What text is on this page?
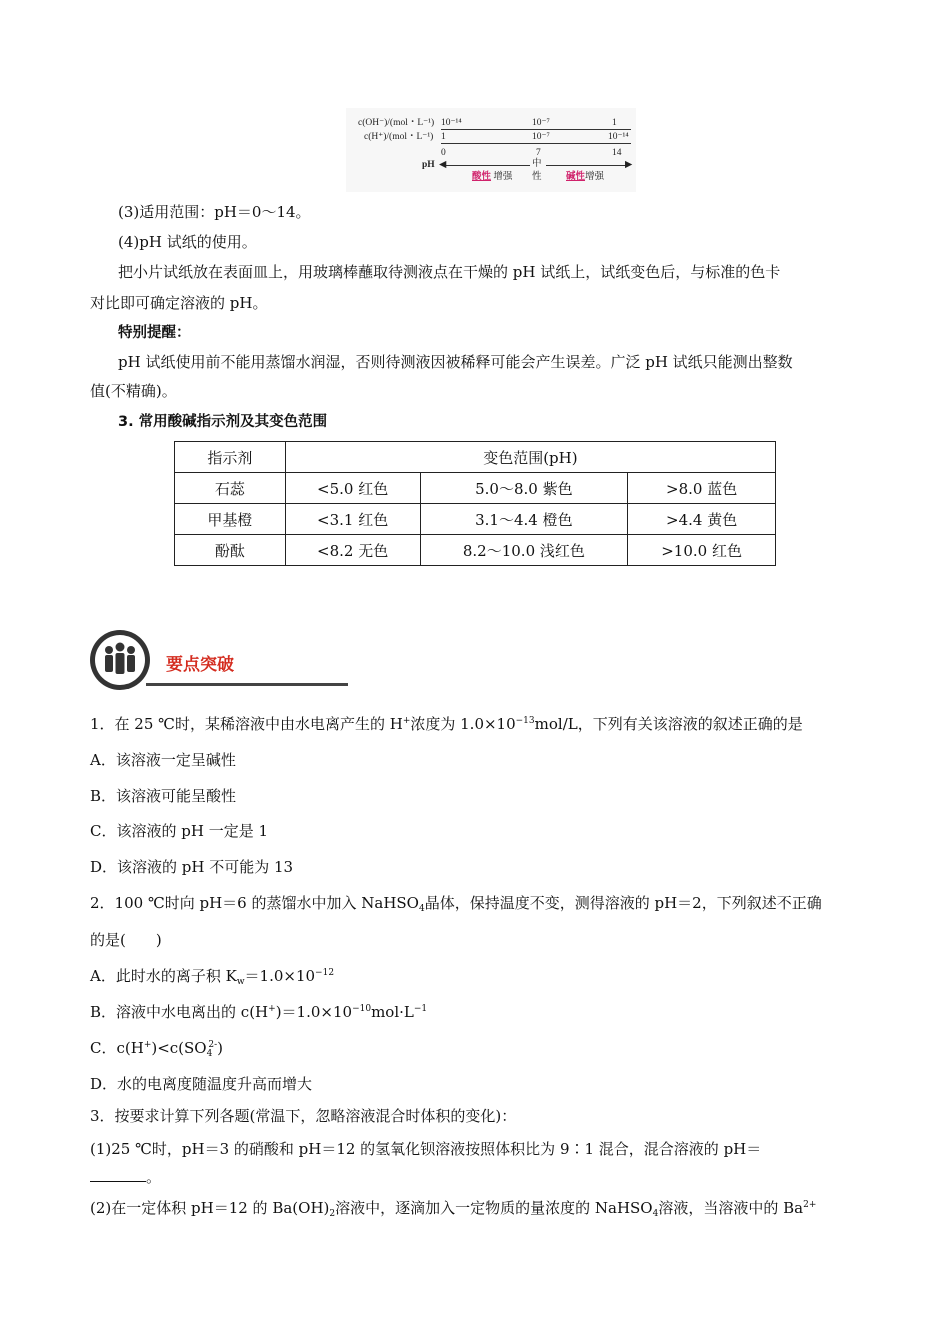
c(OH⁻)/(mol・L⁻¹) 10⁻¹⁴	10⁻⁷	1
c(H⁺)/(mol・L⁻¹) 1	10⁻⁷	10⁻¹⁴
0	7	14
pH ◀	▶
中
性
酸性 增强	碱性增强
(3)适用范围：pH＝0～14。
(4)pH 试纸的使用。
把小片试纸放在表面皿上，用玻璃棒蘸取待测液点在干燥的 pH 试纸上，试纸变色后，与标准的色卡
对比即可确定溶液的 pH。
特别提醒：
pH 试纸使用前不能用蒸馏水润湿，否则待测液因被稀释可能会产生误差。广泛 pH 试纸只能测出整数
值(不精确)。
3. 常用酸碱指示剂及其变色范围
指示剂	变色范围(pH)		
石蕊	<5.0 红色	5.0～8.0 紫色	>8.0 蓝色
甲基橙	<3.1 红色	3.1～4.4 橙色	>4.4 黄色
酚酞	<8.2 无色	8.2～10.0 浅红色	>10.0 红色
要点突破
1．在 25 ℃时，某稀溶液中由水电离产生的 H+浓度为 $1.0\times 10^{-13}mol/L$，下列有关该溶液的叙述正确的是
A．该溶液一定呈碱性
B．该溶液可能呈酸性
C．该溶液的 pH 一定是 1
D．该溶液的 pH 不可能为 13
2．100 ℃时向 pH＝6 的蒸馏水中加入 NaHSO$_4$晶体，保持温度不变，测得溶液的 pH＝2，下列叙述不正确
的是(　　)
A．此时水的离子积 $K_w=1.0\times 10^{-12}$
B．溶液中水电离出的 $c(H^+)=1.0\times 10^{-10}mol\cdot L^{-1}$
C．$c(H^+)<c(SO_4^{2-})$
D．水的电离度随温度升高而增大
3．按要求计算下列各题(常温下，忽略溶液混合时体积的变化)：
(1)25 ℃时，pH＝3 的硝酸和 pH＝12 的氢氧化钡溶液按照体积比为 9∶1 混合，混合溶液的 pH＝
。
(2)在一定体积 pH＝12 的 $Ba(OH)_2$溶液中，逐滴加入一定物质的量浓度的 NaHSO$_4$溶液，当溶液中的 $Ba^{2+}$
